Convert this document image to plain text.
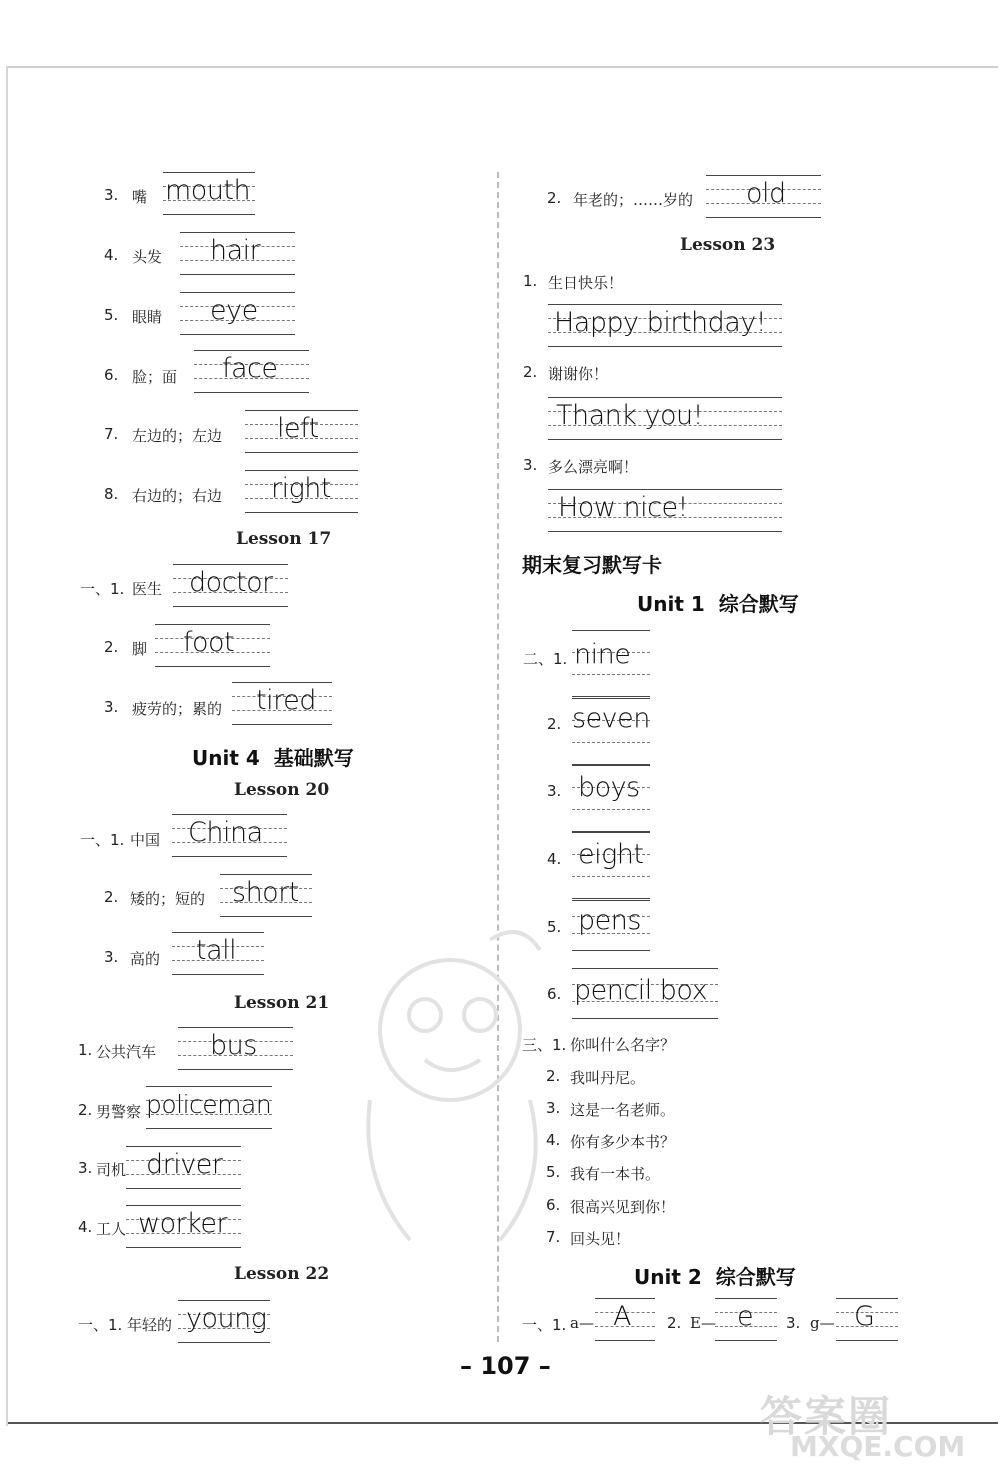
3. 嘴 mouth
4. 头发 hair
5. 眼睛 eye
6. 脸；面 face
7. 左边的；左边 left
8. 右边的；右边 right
Lesson 17
一、1. 医生 doctor
2. 脚 foot
3. 疲劳的；累的 tired
Unit 4 基础默写
Lesson 20
一、1. 中国 China
2. 矮的；短的 short
3. 高的 tall
Lesson 21
1. 公共汽车 bus
2. 男警察 policeman
3. 司机 driver
4. 工人 worker
Lesson 22
一、1. 年轻的 young
2. 年老的；……岁的 old
Lesson 23
1. 生日快乐！
Happy birthday!
2. 谢谢你！
Thank you!
3. 多么漂亮啊！
How nice!
期末复习默写卡
Unit 1 综合默写
二、1. nine
2. seven
3. boys
4. eight
5. pens
6. pencil box
三、1. 你叫什么名字？
2. 我叫丹尼。
3. 这是一名老师。
4. 你有多少本书？
5. 我有一本书。
6. 很高兴见到你！
7. 回头见！
Unit 2 综合默写
一、1. a— A 2. E— e 3. g— G
– 107 –
答案圈
MXQE.COM
